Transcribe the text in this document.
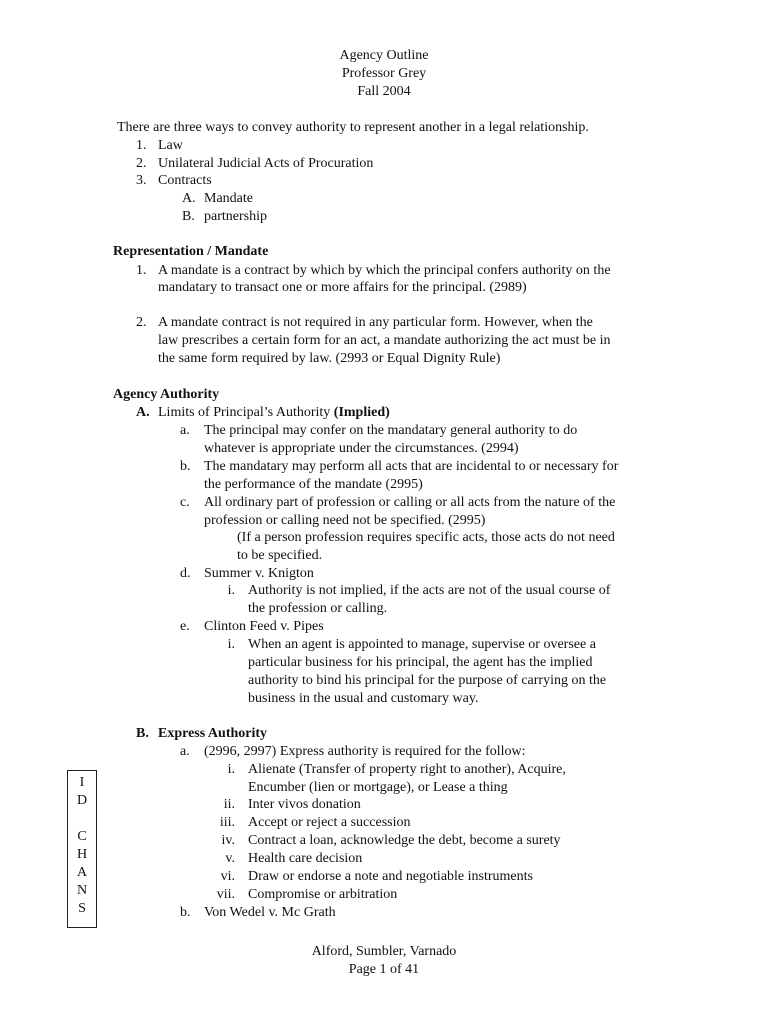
Agency Outline
Professor Grey
Fall 2004
There are three ways to convey authority to represent another in a legal relationship.
1. Law
2. Unilateral Judicial Acts of Procuration
3. Contracts
A. Mandate
B. partnership
Representation / Mandate
1. A mandate is a contract by which by which the principal confers authority on the
mandatary to transact one or more affairs for the principal. (2989)
2. A mandate contract is not required in any particular form. However, when the
law prescribes a certain form for an act, a mandate authorizing the act must be in
the same form required by law. (2993 or Equal Dignity Rule)
Agency Authority
A. Limits of Principal’s Authority (Implied)
a. The principal may confer on the mandatary general authority to do
whatever is appropriate under the circumstances. (2994)
b. The mandatary may perform all acts that are incidental to or necessary for
the performance of the mandate (2995)
c. All ordinary part of profession or calling or all acts from the nature of the
profession or calling need not be specified. (2995)
(If a person profession requires specific acts, those acts do not need
to be specified.
d. Summer v. Knigton
i. Authority is not implied, if the acts are not of the usual course of
the profession or calling.
e. Clinton Feed v. Pipes
i. When an agent is appointed to manage, supervise or oversee a
particular business for his principal, the agent has the implied
authority to bind his principal for the purpose of carrying on the
business in the usual and customary way.
B. Express Authority
a. (2996, 2997) Express authority is required for the follow:
i. Alienate (Transfer of property right to another), Acquire,
Encumber (lien or mortgage), or Lease a thing
ii. Inter vivos donation
iii. Accept or reject a succession
iv. Contract a loan, acknowledge the debt, become a surety
v. Health care decision
vi. Draw or endorse a note and negotiable instruments
vii. Compromise or arbitration
b. Von Wedel v. Mc Grath
I
D
C
H
A
N
S
Alford, Sumbler, Varnado
Page 1 of 41
